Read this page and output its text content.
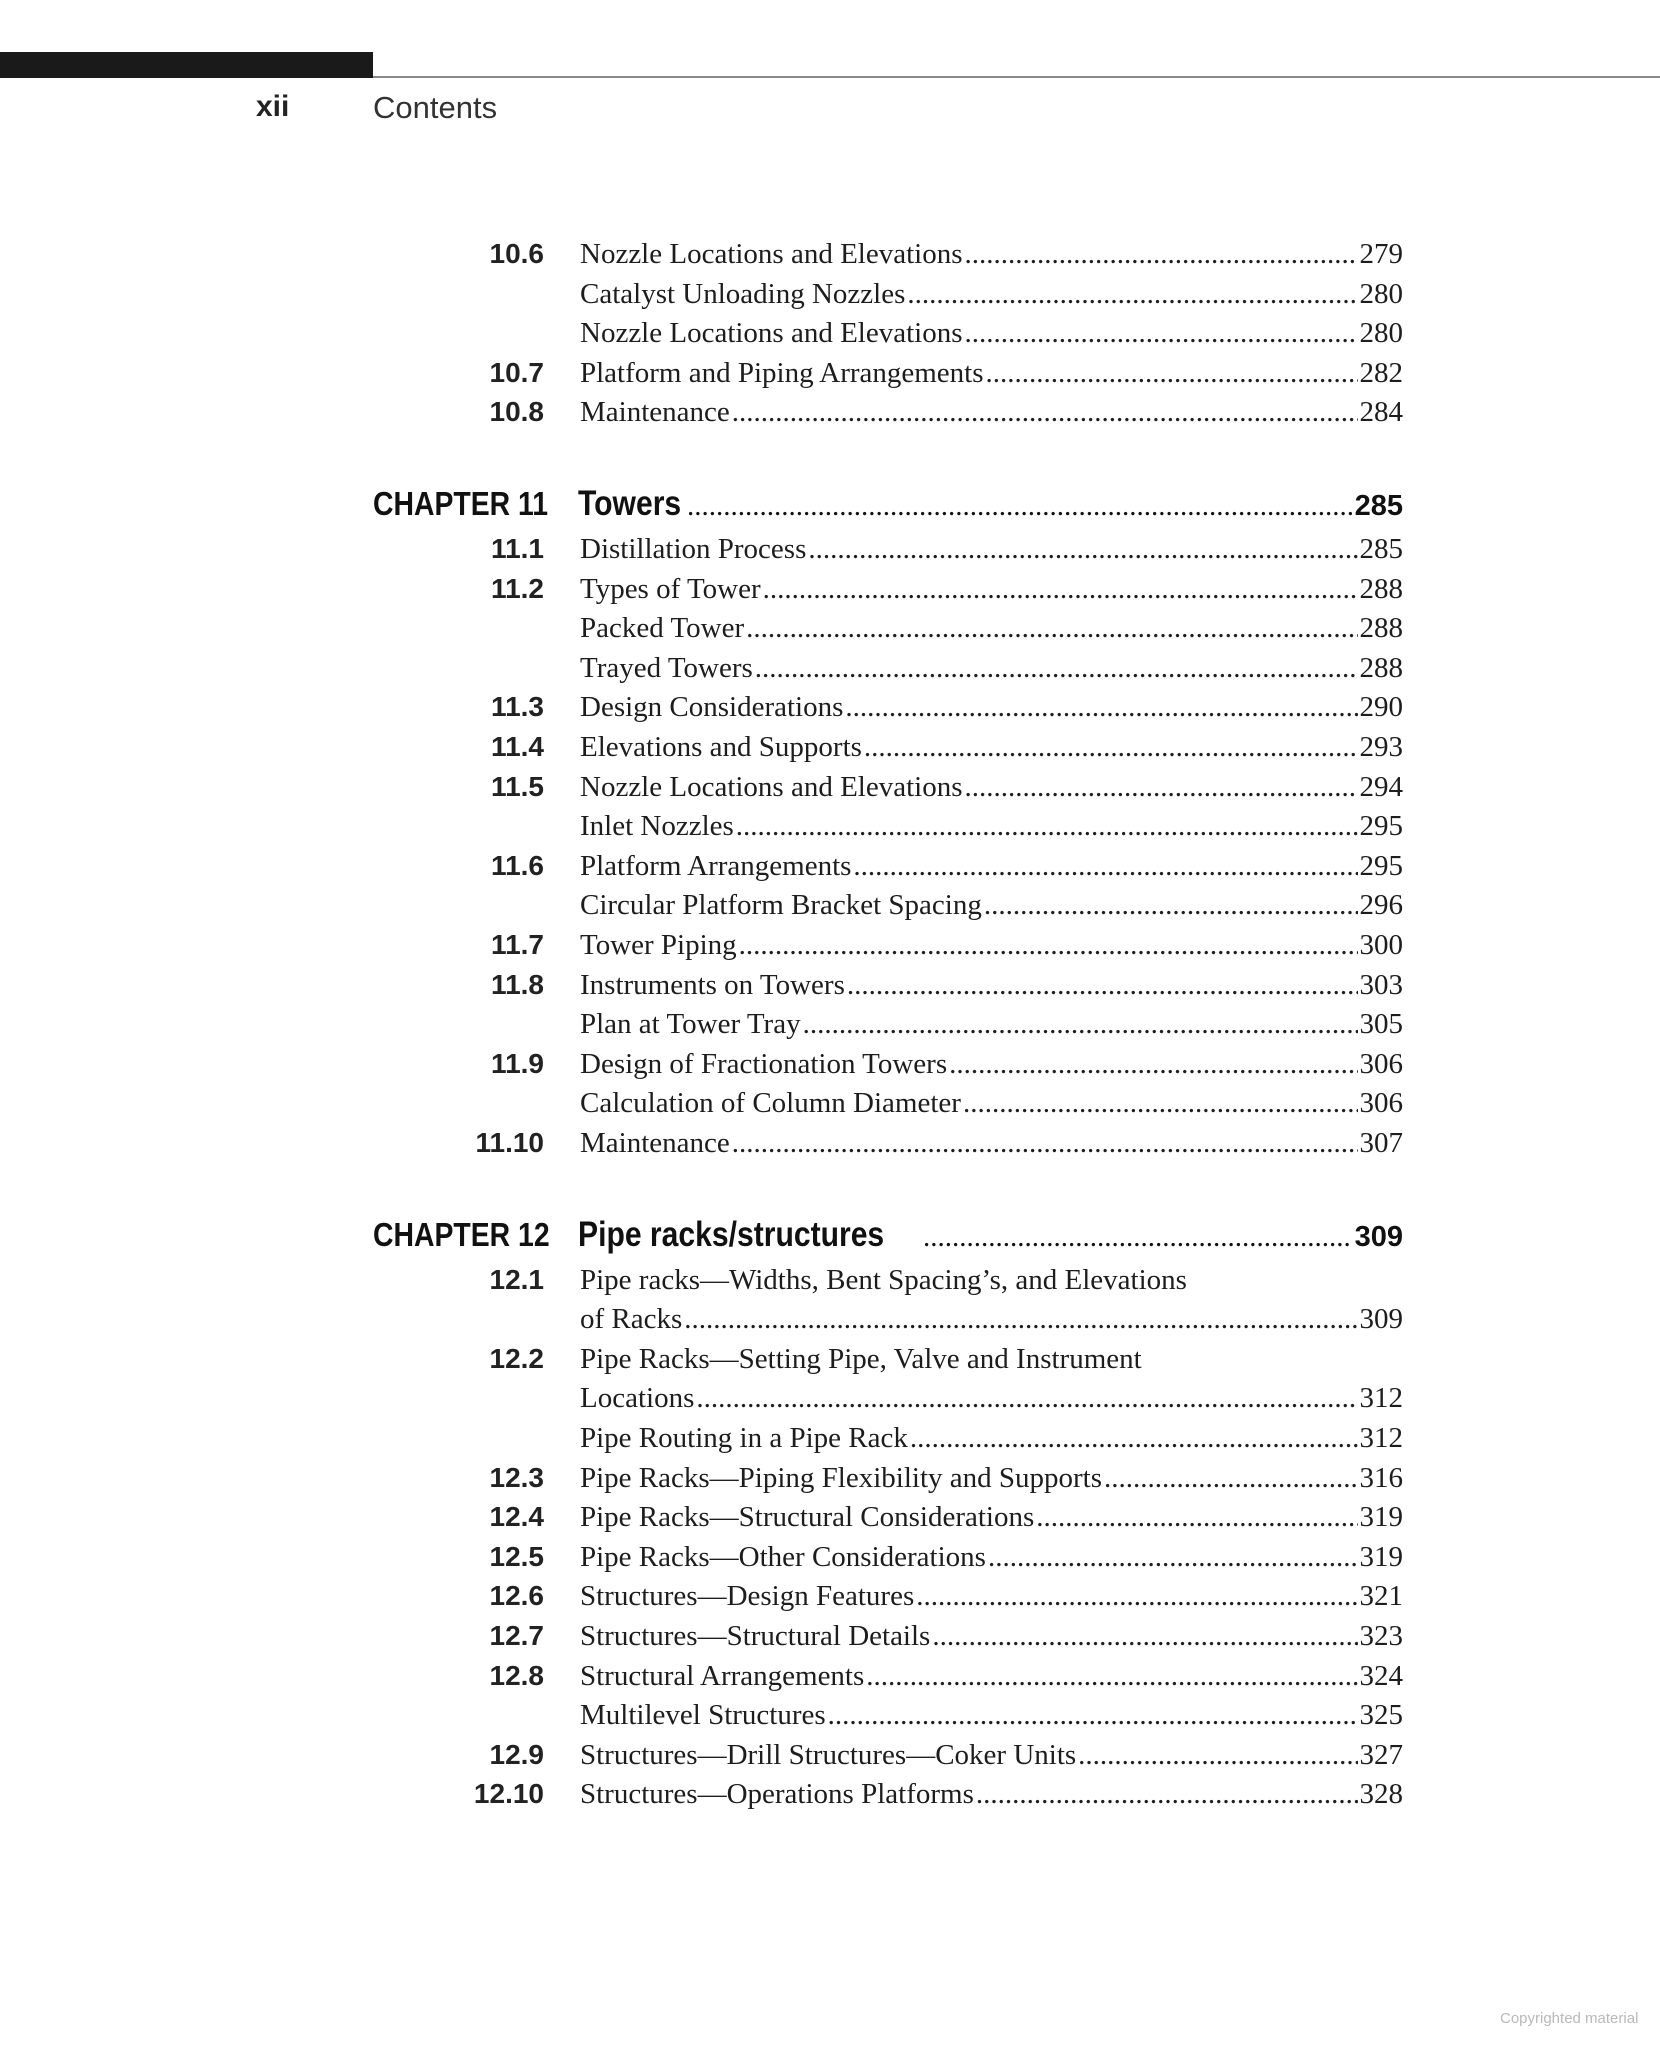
xii	Contents
10.6 Nozzle Locations and Elevations .....	279
Catalyst Unloading Nozzles .....	280
Nozzle Locations and Elevations .....	280
10.7 Platform and Piping Arrangements .....	282
10.8 Maintenance .....	284
CHAPTER 11 Towers .....	285
11.1 Distillation Process .....	285
11.2 Types of Tower .....	288
Packed Tower .....	288
Trayed Towers .....	288
11.3 Design Considerations .....	290
11.4 Elevations and Supports .....	293
11.5 Nozzle Locations and Elevations .....	294
Inlet Nozzles .....	295
11.6 Platform Arrangements .....	295
Circular Platform Bracket Spacing .....	296
11.7 Tower Piping .....	300
11.8 Instruments on Towers .....	303
Plan at Tower Tray .....	305
11.9 Design of Fractionation Towers .....	306
Calculation of Column Diameter .....	306
11.10 Maintenance .....	307
CHAPTER 12 Pipe racks/structures .....	309
12.1 Pipe racks—Widths, Bent Spacing’s, and Elevations
of Racks .....	309
12.2 Pipe Racks—Setting Pipe, Valve and Instrument
Locations .....	312
Pipe Routing in a Pipe Rack .....	312
12.3 Pipe Racks—Piping Flexibility and Supports .....	316
12.4 Pipe Racks—Structural Considerations .....	319
12.5 Pipe Racks—Other Considerations .....	319
12.6 Structures—Design Features .....	321
12.7 Structures—Structural Details .....	323
12.8 Structural Arrangements .....	324
Multilevel Structures .....	325
12.9 Structures—Drill Structures—Coker Units .....	327
12.10 Structures—Operations Platforms .....	328
Copyrighted material
